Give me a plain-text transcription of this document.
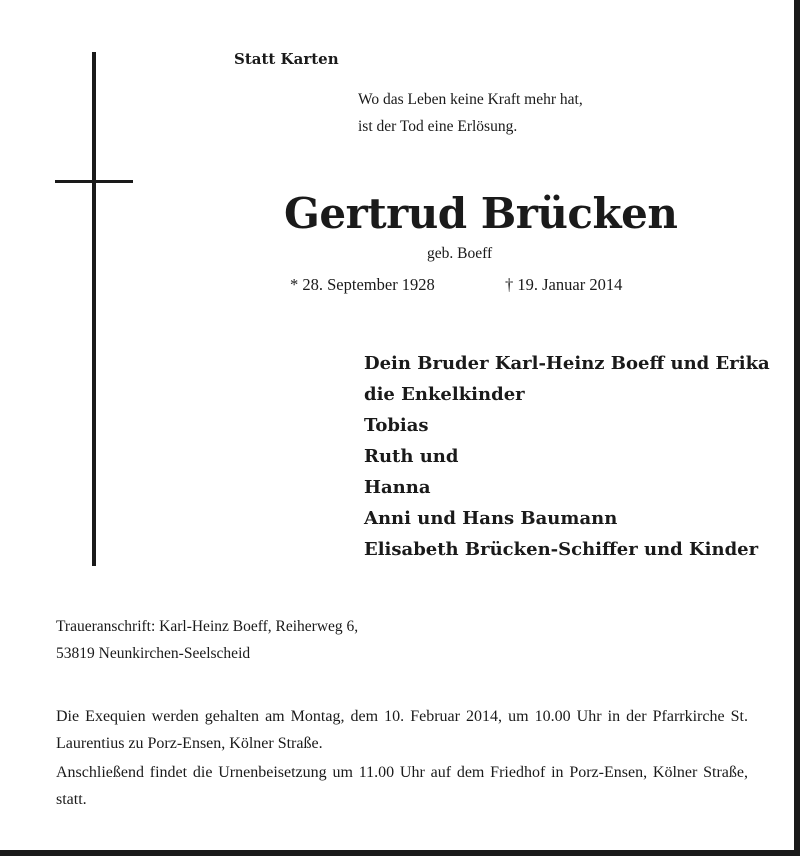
Statt Karten
Wo das Leben keine Kraft mehr hat,
ist der Tod eine Erlösung.
Gertrud Brücken
geb. Boeff
* 28. September 1928	† 19. Januar 2014
Dein Bruder Karl-Heinz Boeff und Erika
die Enkelkinder
Tobias
Ruth und
Hanna
Anni und Hans Baumann
Elisabeth Brücken-Schiffer und Kinder
Traueranschrift: Karl-Heinz Boeff, Reiherweg 6,
53819 Neunkirchen-Seelscheid
Die Exequien werden gehalten am Montag, dem 10. Februar 2014, um 10.00 Uhr in der Pfarrkirche St. Laurentius zu Porz-Ensen, Kölner Straße.
Anschließend findet die Urnenbeisetzung um 11.00 Uhr auf dem Friedhof in Porz-Ensen, Kölner Straße, statt.
